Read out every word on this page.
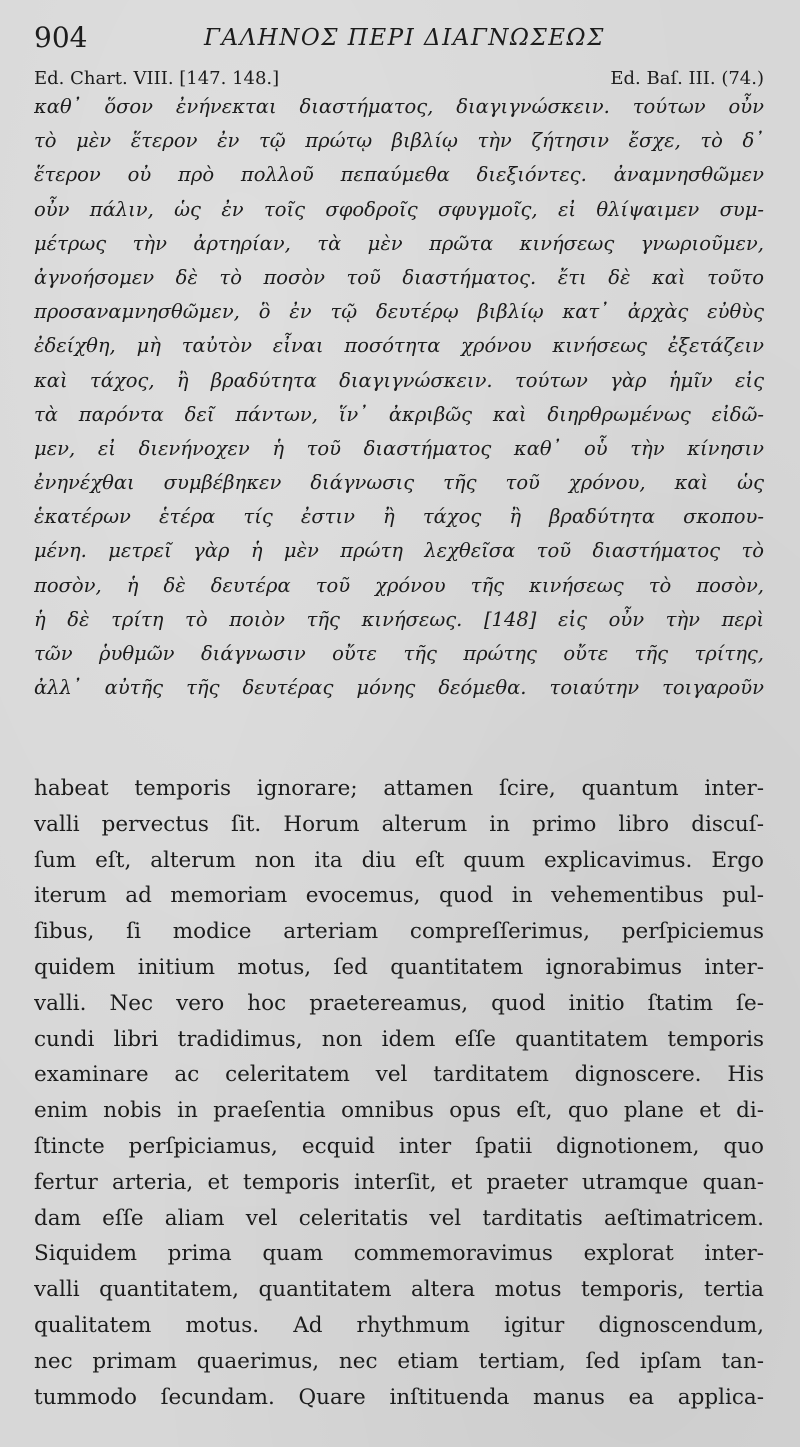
904	ΓΑΛΗΝΟΣ ΠΕΡΙ ΔΙΑΓΝΩΣΕΩΣ
Ed. Chart. VIII. [147. 148.]	Ed. Baſ. III. (74.)
καθ᾽ ὅσον ἐνήνεκται διαστήματος, διαγιγνώσκειν. τούτων οὖν
τὸ μὲν ἕτερον ἐν τῷ πρώτῳ βιβλίῳ τὴν ζήτησιν ἔσχε, τὸ δ᾽
ἕτερον οὐ πρὸ πολλοῦ πεπαύμεθα διεξιόντες. ἀναμνησθῶμεν
οὖν πάλιν, ὡς ἐν τοῖς σφοδροῖς σφυγμοῖς, εἰ θλίψαιμεν συμ-
μέτρως τὴν ἀρτηρίαν, τὰ μὲν πρῶτα κινήσεως γνωριοῦμεν,
ἀγνοήσομεν δὲ τὸ ποσὸν τοῦ διαστήματος. ἔτι δὲ καὶ τοῦτο
προσαναμνησθῶμεν, ὃ ἐν τῷ δευτέρῳ βιβλίῳ κατ᾽ ἀρχὰς εὐθὺς
ἐδείχθη, μὴ ταὐτὸν εἶναι ποσότητα χρόνου κινήσεως ἐξετάζειν
καὶ τάχος, ἢ βραδύτητα διαγιγνώσκειν. τούτων γὰρ ἡμῖν εἰς
τὰ παρόντα δεῖ πάντων, ἵν᾽ ἀκριβῶς καὶ διηρθρωμένως εἰδῶ-
μεν, εἰ διενήνοχεν ἡ τοῦ διαστήματος καθ᾽ οὗ τὴν κίνησιν
ἐνηνέχθαι συμβέβηκεν διάγνωσις τῆς τοῦ χρόνου, καὶ ὡς
ἑκατέρων ἑτέρα τίς ἐστιν ἢ τάχος ἢ βραδύτητα σκοπου-
μένη. μετρεῖ γὰρ ἡ μὲν πρώτη λεχθεῖσα τοῦ διαστήματος τὸ
ποσὸν, ἡ δὲ δευτέρα τοῦ χρόνου τῆς κινήσεως τὸ ποσὸν,
ἡ δὲ τρίτη τὸ ποιὸν τῆς κινήσεως. [148] εἰς οὖν τὴν περὶ
τῶν ῥυθμῶν διάγνωσιν οὔτε τῆς πρώτης οὔτε τῆς τρίτης,
ἀλλ᾽ αὐτῆς τῆς δευτέρας μόνης δεόμεθα. τοιαύτην τοιγαροῦν
habeat temporis ignorare; attamen ſcire, quantum inter-
valli pervectus ſit. Horum alterum in primo libro discuſ-
ſum eſt, alterum non ita diu eſt quum explicavimus. Ergo
iterum ad memoriam evocemus, quod in vehementibus pul-
ſibus, ſi modice arteriam compreſſerimus, perſpiciemus
quidem initium motus, ſed quantitatem ignorabimus inter-
valli. Nec vero hoc praetereamus, quod initio ſtatim ſe-
cundi libri tradidimus, non idem eſſe quantitatem temporis
examinare ac celeritatem vel tarditatem dignoscere. His
enim nobis in praeſentia omnibus opus eſt, quo plane et di-
ſtincte perſpiciamus, ecquid inter ſpatii dignotionem, quo
fertur arteria, et temporis interſit, et praeter utramque quan-
dam eſſe aliam vel celeritatis vel tarditatis aeſtimatricem.
Siquidem prima quam commemoravimus explorat inter-
valli quantitatem, quantitatem altera motus temporis, tertia
qualitatem motus. Ad rhythmum igitur dignoscendum,
nec primam quaerimus, nec etiam tertiam, ſed ipſam tan-
tummodo ſecundam. Quare inſtituenda manus ea applica-
